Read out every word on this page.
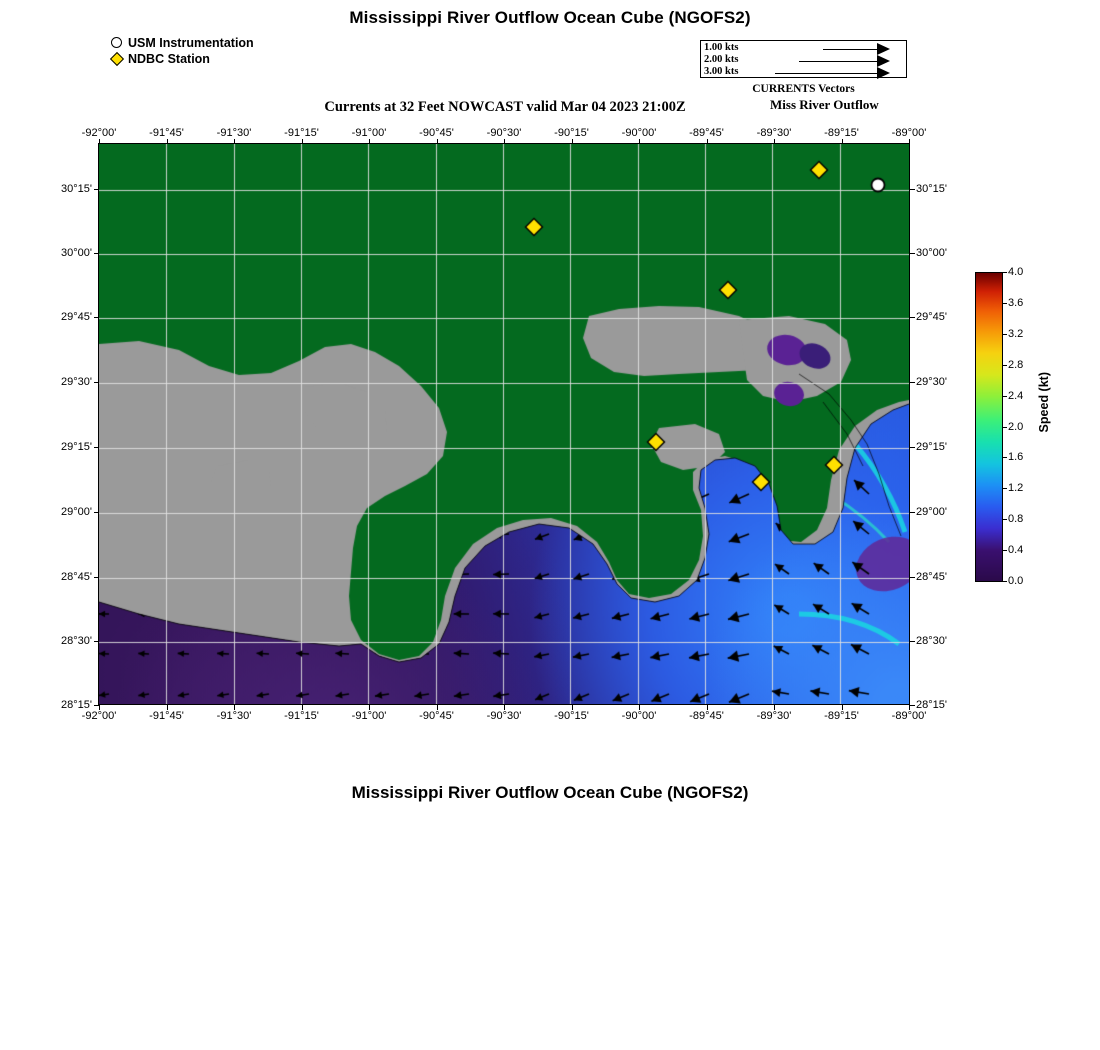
Mississippi River Outflow Ocean Cube (NGOFS2)
USM Instrumentation
NDBC Station
1.00 kts
2.00 kts
3.00 kts
CURRENTS Vectors
Currents at 32 Feet NOWCAST valid Mar 04 2023 21:00Z	Miss River Outflow
-92°00'
-92°00'
-91°45'
-91°45'
-91°30'
-91°30'
-91°15'
-91°15'
-91°00'
-91°00'
-90°45'
-90°45'
-90°30'
-90°30'
-90°15'
-90°15'
-90°00'
-90°00'
-89°45'
-89°45'
-89°30'
-89°30'
-89°15'
-89°15'
-89°00'
-89°00'
30°15'	30°15'
30°00'	30°00'
29°45'	29°45'
29°30'	29°30'
29°15'	29°15'
29°00'	29°00'
28°45'	28°45'
28°30'	28°30'
28°15'	28°15'
4.0
3.6
3.2
2.8
2.4
2.0
1.6
1.2
0.8
0.4
0.0
Speed (kt)
Mississippi River Outflow Ocean Cube (NGOFS2)
